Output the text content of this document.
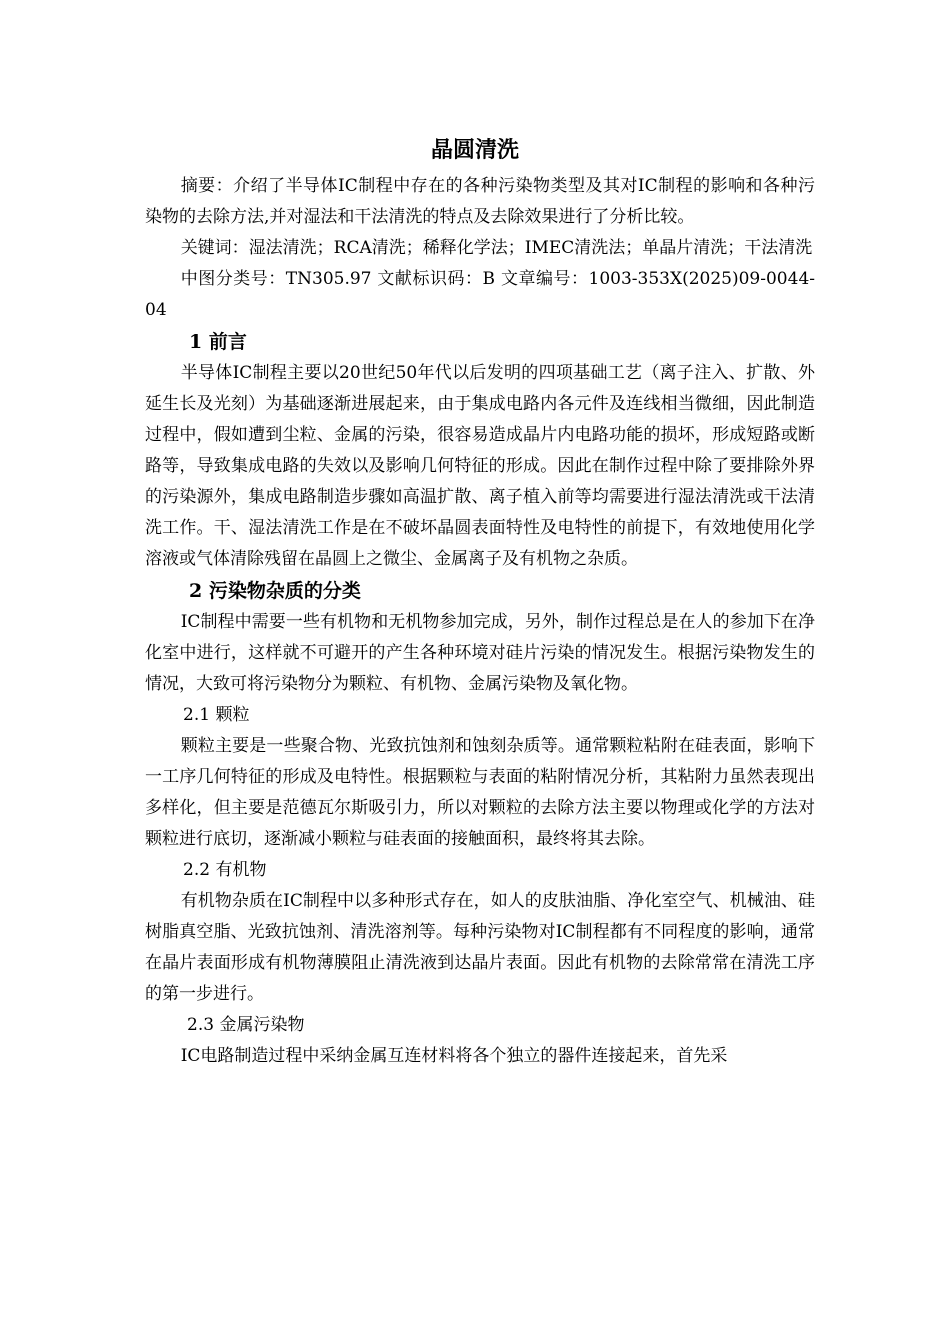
晶圆清洗

摘要：介绍了半导体IC制程中存在的各种污染物类型及其对IC制程的影响和各种污染物的去除方法,并对湿法和干法清洗的特点及去除效果进行了分析比较。

关键词：湿法清洗；RCA清洗；稀释化学法；IMEC清洗法；单晶片清洗；干法清洗

中图分类号：TN305.97 文献标识码：B 文章编号：1003-353X(2025)09-0044-04

1 前言

半导体IC制程主要以20世纪50年代以后发明的四项基础工艺（离子注入、扩散、外延生长及光刻）为基础逐渐进展起来，由于集成电路内各元件及连线相当微细，因此制造过程中，假如遭到尘粒、金属的污染，很容易造成晶片内电路功能的损坏，形成短路或断路等，导致集成电路的失效以及影响几何特征的形成。因此在制作过程中除了要排除外界的污染源外，集成电路制造步骤如高温扩散、离子植入前等均需要进行湿法清洗或干法清洗工作。干、湿法清洗工作是在不破坏晶圆表面特性及电特性的前提下，有效地使用化学溶液或气体清除残留在晶圆上之微尘、金属离子及有机物之杂质。

2 污染物杂质的分类

IC制程中需要一些有机物和无机物参加完成，另外，制作过程总是在人的参加下在净化室中进行，这样就不可避开的产生各种环境对硅片污染的情况发生。根据污染物发生的情况，大致可将污染物分为颗粒、有机物、金属污染物及氧化物。

2.1 颗粒

颗粒主要是一些聚合物、光致抗蚀剂和蚀刻杂质等。通常颗粒粘附在硅表面，影响下一工序几何特征的形成及电特性。根据颗粒与表面的粘附情况分析，其粘附力虽然表现出多样化，但主要是范德瓦尔斯吸引力，所以对颗粒的去除方法主要以物理或化学的方法对颗粒进行底切，逐渐减小颗粒与硅表面的接触面积，最终将其去除。

2.2 有机物

有机物杂质在IC制程中以多种形式存在，如人的皮肤油脂、净化室空气、机械油、硅树脂真空脂、光致抗蚀剂、清洗溶剂等。每种污染物对IC制程都有不同程度的影响，通常在晶片表面形成有机物薄膜阻止清洗液到达晶片表面。因此有机物的去除常常在清洗工序的第一步进行。

2.3 金属污染物

IC电路制造过程中采纳金属互连材料将各个独立的器件连接起来，首先采
